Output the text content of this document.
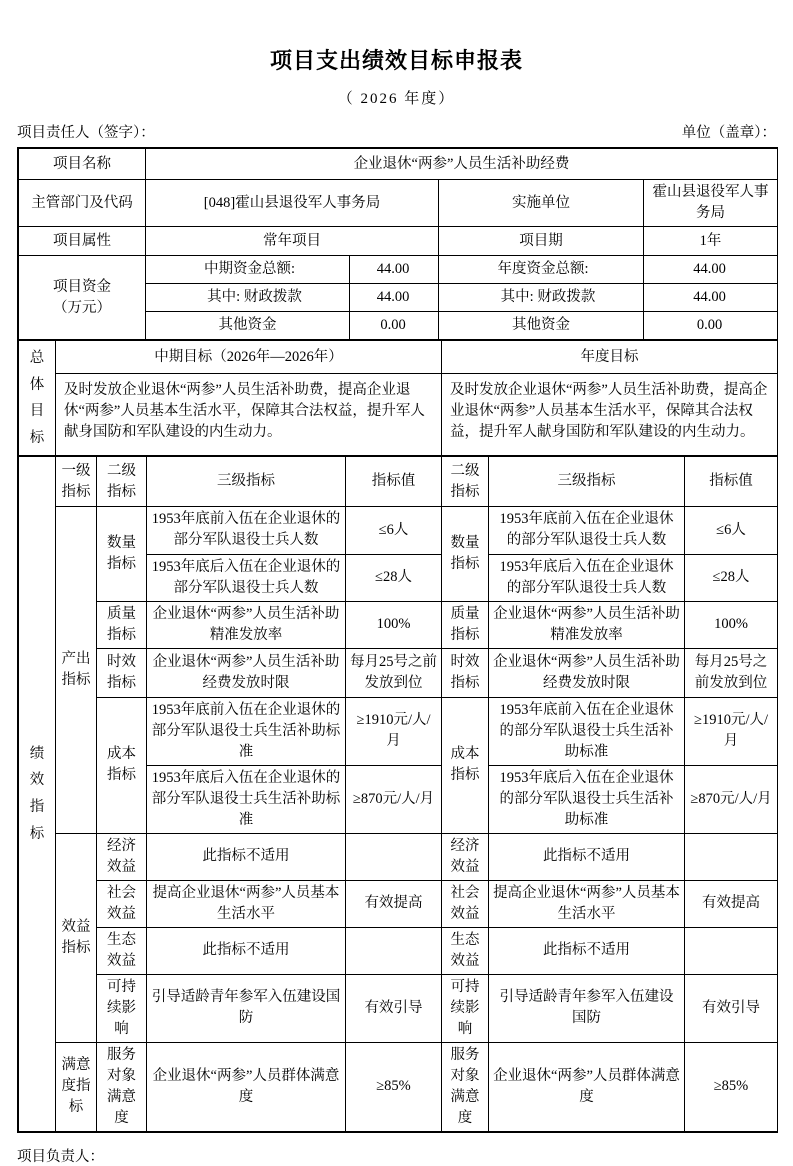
项目支出绩效目标申报表
（ 2026 年度）
项目责任人（签字）：	单位（盖章）：
项目名称	企业退休“两参”人员生活补助经费			
主管部门及代码	[048]霍山县退役军人事务局		实施单位	霍山县退役军人事务局
项目属性	常年项目		项目期	1年
项目资金
（万元）	中期资金总额:	44.00	年度资金总额:	44.00
	其中: 财政拨款	44.00	其中: 财政拨款	44.00
	其他资金	0.00	其他资金	0.00
总体目标	中期目标（2026年—2026年）	年度目标
	及时发放企业退休“两参”人员生活补助费，提高企业退休“两参”人员基本生活水平，保障其合法权益，提升军人献身国防和军队建设的内生动力。	及时发放企业退休“两参”人员生活补助费，提高企业退休“两参”人员基本生活水平，保障其合法权益，提升军人献身国防和军队建设的内生动力。
绩效指标	一级指标	二级指标	三级指标	指标值	二级指标	三级指标	指标值
	产出指标	数量指标	1953年底前入伍在企业退休的部分军队退役士兵人数	≤6人	数量指标	1953年底前入伍在企业退休的部分军队退役士兵人数	≤6人
			1953年底后入伍在企业退休的部分军队退役士兵人数	≤28人		1953年底后入伍在企业退休的部分军队退役士兵人数	≤28人
		质量指标	企业退休“两参”人员生活补助精准发放率	100%	质量指标	企业退休“两参”人员生活补助精准发放率	100%
		时效指标	企业退休“两参”人员生活补助经费发放时限	每月25号之前发放到位	时效指标	企业退休“两参”人员生活补助经费发放时限	每月25号之前发放到位
		成本指标	1953年底前入伍在企业退休的部分军队退役士兵生活补助标准	≥1910元/人/月	成本指标	1953年底前入伍在企业退休的部分军队退役士兵生活补助标准	≥1910元/人/月
			1953年底后入伍在企业退休的部分军队退役士兵生活补助标准	≥870元/人/月		1953年底后入伍在企业退休的部分军队退役士兵生活补助标准	≥870元/人/月
	效益指标	经济效益	此指标不适用		经济效益	此指标不适用	
		社会效益	提高企业退休“两参”人员基本生活水平	有效提高	社会效益	提高企业退休“两参”人员基本生活水平	有效提高
		生态效益	此指标不适用		生态效益	此指标不适用	
		可持续影响	引导适龄青年参军入伍建设国防	有效引导	可持续影响	引导适龄青年参军入伍建设国防	有效引导
	满意度指标	服务对象满意度	企业退休“两参”人员群体满意度	≥85%	服务对象满意度	企业退休“两参”人员群体满意度	≥85%
项目负责人：
